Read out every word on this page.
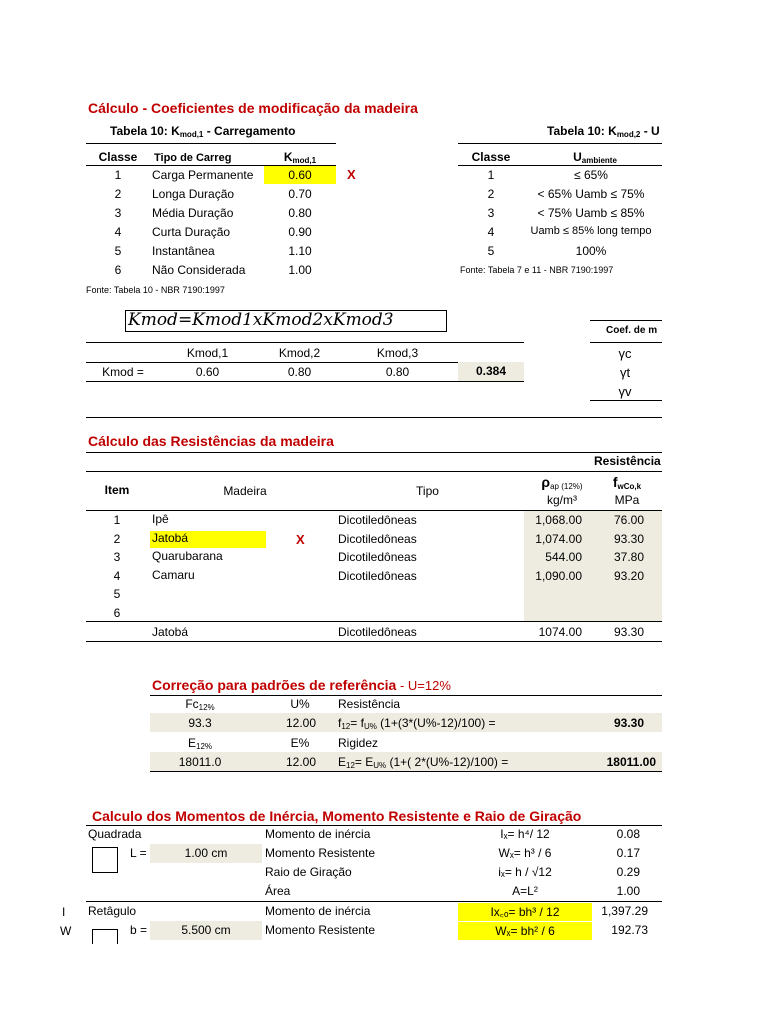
Cálculo - Coeficientes de modificação da madeira
Tabela 10: $K_{mod,1}$ - Carregamento
Classe	Tipo de Carreg	$K_{mod,1}$
1	Carga Permanente	0.60
2	Longa Duração	0.70
3	Média Duração	0.80
4	Curta Duração	0.90
5	Instantânea	1.10
6	Não Considerada	1.00
X
Fonte: Tabela 10 - NBR 7190:1997
Tabela 10: $K_{mod,2}$ - U
Classe	$U_{ambiente}$
1	≤ 65%
2	< 65% Uamb ≤ 75%
3	< 75% Uamb ≤ 85%
4	Uamb ≤ 85% long tempo
5	100%
Fonte: Tabela 7 e 11 - NBR 7190:1997
Kmod=Kmod1xKmod2xKmod3
Kmod,1	Kmod,2	Kmod,3
Kmod =	0.60	0.80	0.80	0.384
Coef. de m
γc
γt
γv
Cálculo das Resistências da madeira
Resistência
Item	Madeira	Tipo
$\rho_{ap (12\%)}$
kg/m³
$f_{wCo,k}$
MPa
1	Ipê	Dicotiledôneas	1,068.00	76.00
2	Jatobá	Dicotiledôneas	1,074.00	93.30
3	Quarubarana	Dicotiledôneas	544.00	37.80
4	Camaru	Dicotiledôneas	1,090.00	93.20
5
6
X
Jatobá	Dicotiledôneas	1074.00	93.30
Correção para padrões de referência - U=12%
$Fc_{12\%}$	U%	Resistência
93.3	12.00 $f_{12}= f_{U\%}$ (1+(3*(U%-12)/100) =	93.30
$E_{12\%}$	E%	Rigidez
18011.0	12.00 $E_{12}= E_{U\%}$ (1+( 2*(U%-12)/100) =	18011.00
Calculo dos Momentos de Inércia, Momento Resistente e Raio de Giração
Quadrada
L =	1.00 cm
Momento de inércia	Iₓ= h⁴/ 12	0.08
Momento Resistente	Wₓ= h³ / 6	0.17
Raio de Giração	iₓ= h / √12	0.29
Área	A=L²	1.00
I
W
Retâgulo
b =	5.500 cm
Momento de inércia	Ix꜀ₒ= bh³ / 12	1,397.29
Momento Resistente	Wₓ= bh² / 6	192.73
